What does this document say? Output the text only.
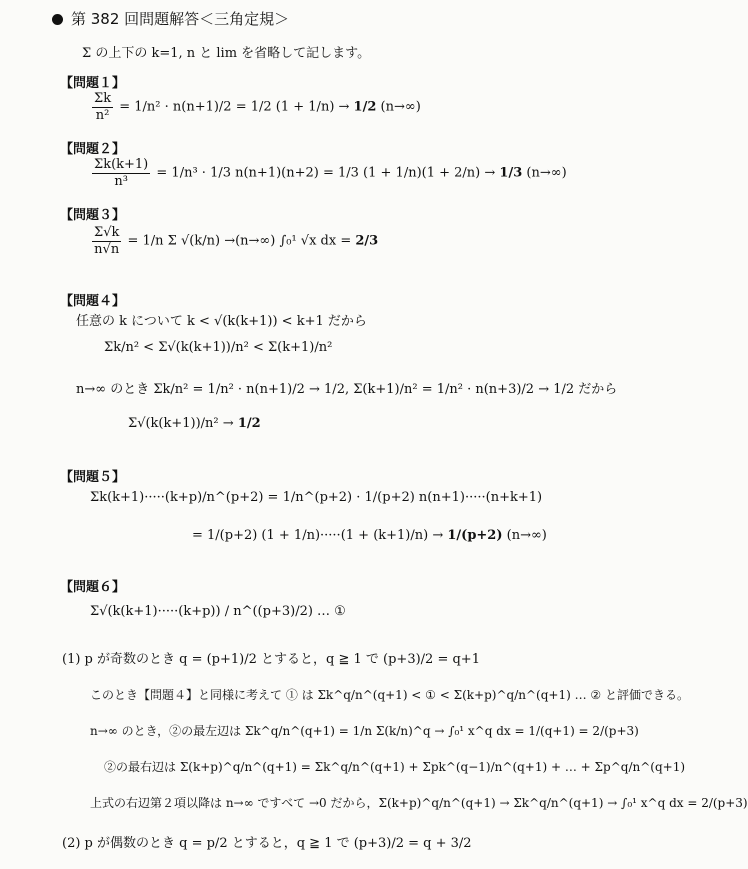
第 382 回問題解答＜三角定規＞
Σ の上下の k=1, n と lim を省略して記します。
【問題１】
$\frac{\Sigma k}{\text{n²}} = 1/n^2 \cdot n(n+1)/2 = 1/2$ (1 + 1/n) → 1/2 (n→∞)
【問題２】
$\frac{\Sigma k(k+1)}{\text{n³}} = 1/n^3 \cdot 1/3$ n(n+1)(n+2) = 1/3 (1 + 1/n)(1 + 2/n) → 1/3 (n→∞)
【問題３】
$\frac{\Sigma√k}{n√n} = 1/n$ Σ √(k/n) →(n→∞) ∫₀¹ √x dx = 2/3
【問題４】
任意の k について k < √(k(k+1)) < k+1 だから
Σk/n² < Σ√(k(k+1))/n² < Σ(k+1)/n²
n→∞ のとき Σk/n² = 1/n² · n(n+1)/2 → 1/2, Σ(k+1)/n² = 1/n² · n(n+3)/2 → 1/2 だから
Σ√(k(k+1))/n² → 1/2
【問題５】
Σk(k+1)·····(k+p)/n^(p+2) = 1/n^(p+2) · 1/(p+2) n(n+1)·····(n+k+1)
= 1/(p+2) (1 + 1/n)·····(1 + (k+1)/n) → 1/(p+2) (n→∞)
【問題６】
Σ√(k(k+1)·····(k+p)) / n^((p+3)/2) … ①
(1) p が奇数のとき q = (p+1)/2 とすると，q ≧ 1 で (p+3)/2 = q+1
このとき【問題４】と同様に考えて ① は Σk^q/n^(q+1) < ① < Σ(k+p)^q/n^(q+1) … ② と評価できる。
n→∞ のとき，②の最左辺は Σk^q/n^(q+1) = 1/n Σ(k/n)^q → ∫₀¹ x^q dx = 1/(q+1) = 2/(p+3)
②の最右辺は Σ(k+p)^q/n^(q+1) = Σk^q/n^(q+1) + Σpk^(q−1)/n^(q+1) + … + Σp^q/n^(q+1)
上式の右辺第２項以降は n→∞ ですべて →0 だから，Σ(k+p)^q/n^(q+1) → Σk^q/n^(q+1) → ∫₀¹ x^q dx = 2/(p+3)
(2) p が偶数のとき q = p/2 とすると，q ≧ 1 で (p+3)/2 = q + 3/2
